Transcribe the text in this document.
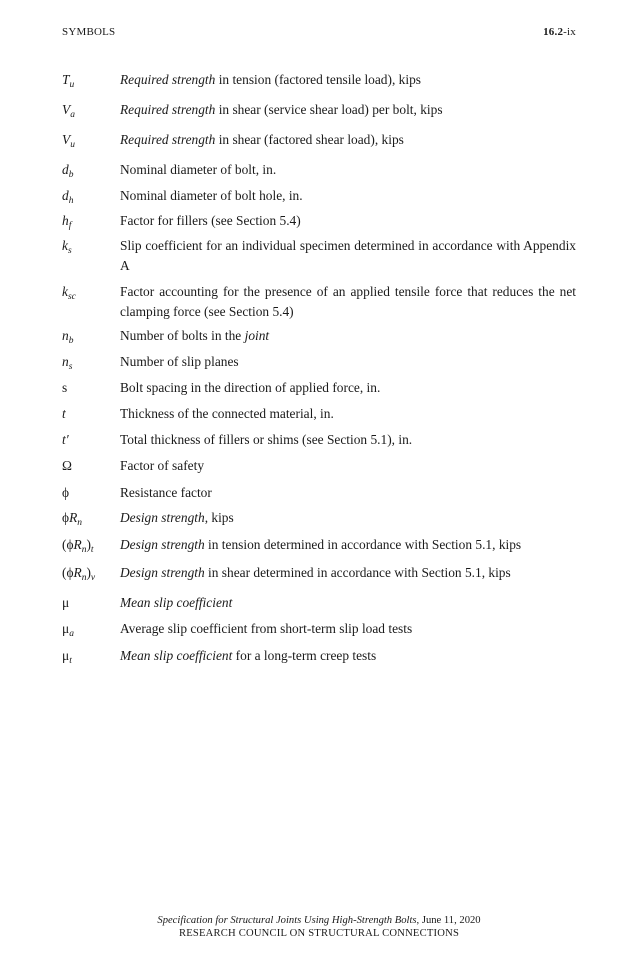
SYMBOLS	16.2-ix
$T_u$	Required strength in tension (factored tensile load), kips
$V_a$	Required strength in shear (service shear load) per bolt, kips
$V_u$	Required strength in shear (factored shear load), kips
$d_b$	Nominal diameter of bolt, in.
$d_h$	Nominal diameter of bolt hole, in.
$h_f$	Factor for fillers (see Section 5.4)
$k_s$	Slip coefficient for an individual specimen determined in accordance with Appendix A
$k_{sc}$	Factor accounting for the presence of an applied tensile force that reduces the net clamping force (see Section 5.4)
$n_b$	Number of bolts in the joint
$n_s$	Number of slip planes
s	Bolt spacing in the direction of applied force, in.
t	Thickness of the connected material, in.
t′	Total thickness of fillers or shims (see Section 5.1), in.
Ω	Factor of safety
ϕ	Resistance factor
$\phi R_n$	Design strength, kips
$(\phi R_n)_t$	Design strength in tension determined in accordance with Section 5.1, kips
$(\phi R_n)_v$	Design strength in shear determined in accordance with Section 5.1, kips
μ	Mean slip coefficient
$\mu_a$	Average slip coefficient from short-term slip load tests
$\mu_t$	Mean slip coefficient for a long-term creep tests
Specification for Structural Joints Using High-Strength Bolts, June 11, 2020
RESEARCH COUNCIL ON STRUCTURAL CONNECTIONS
